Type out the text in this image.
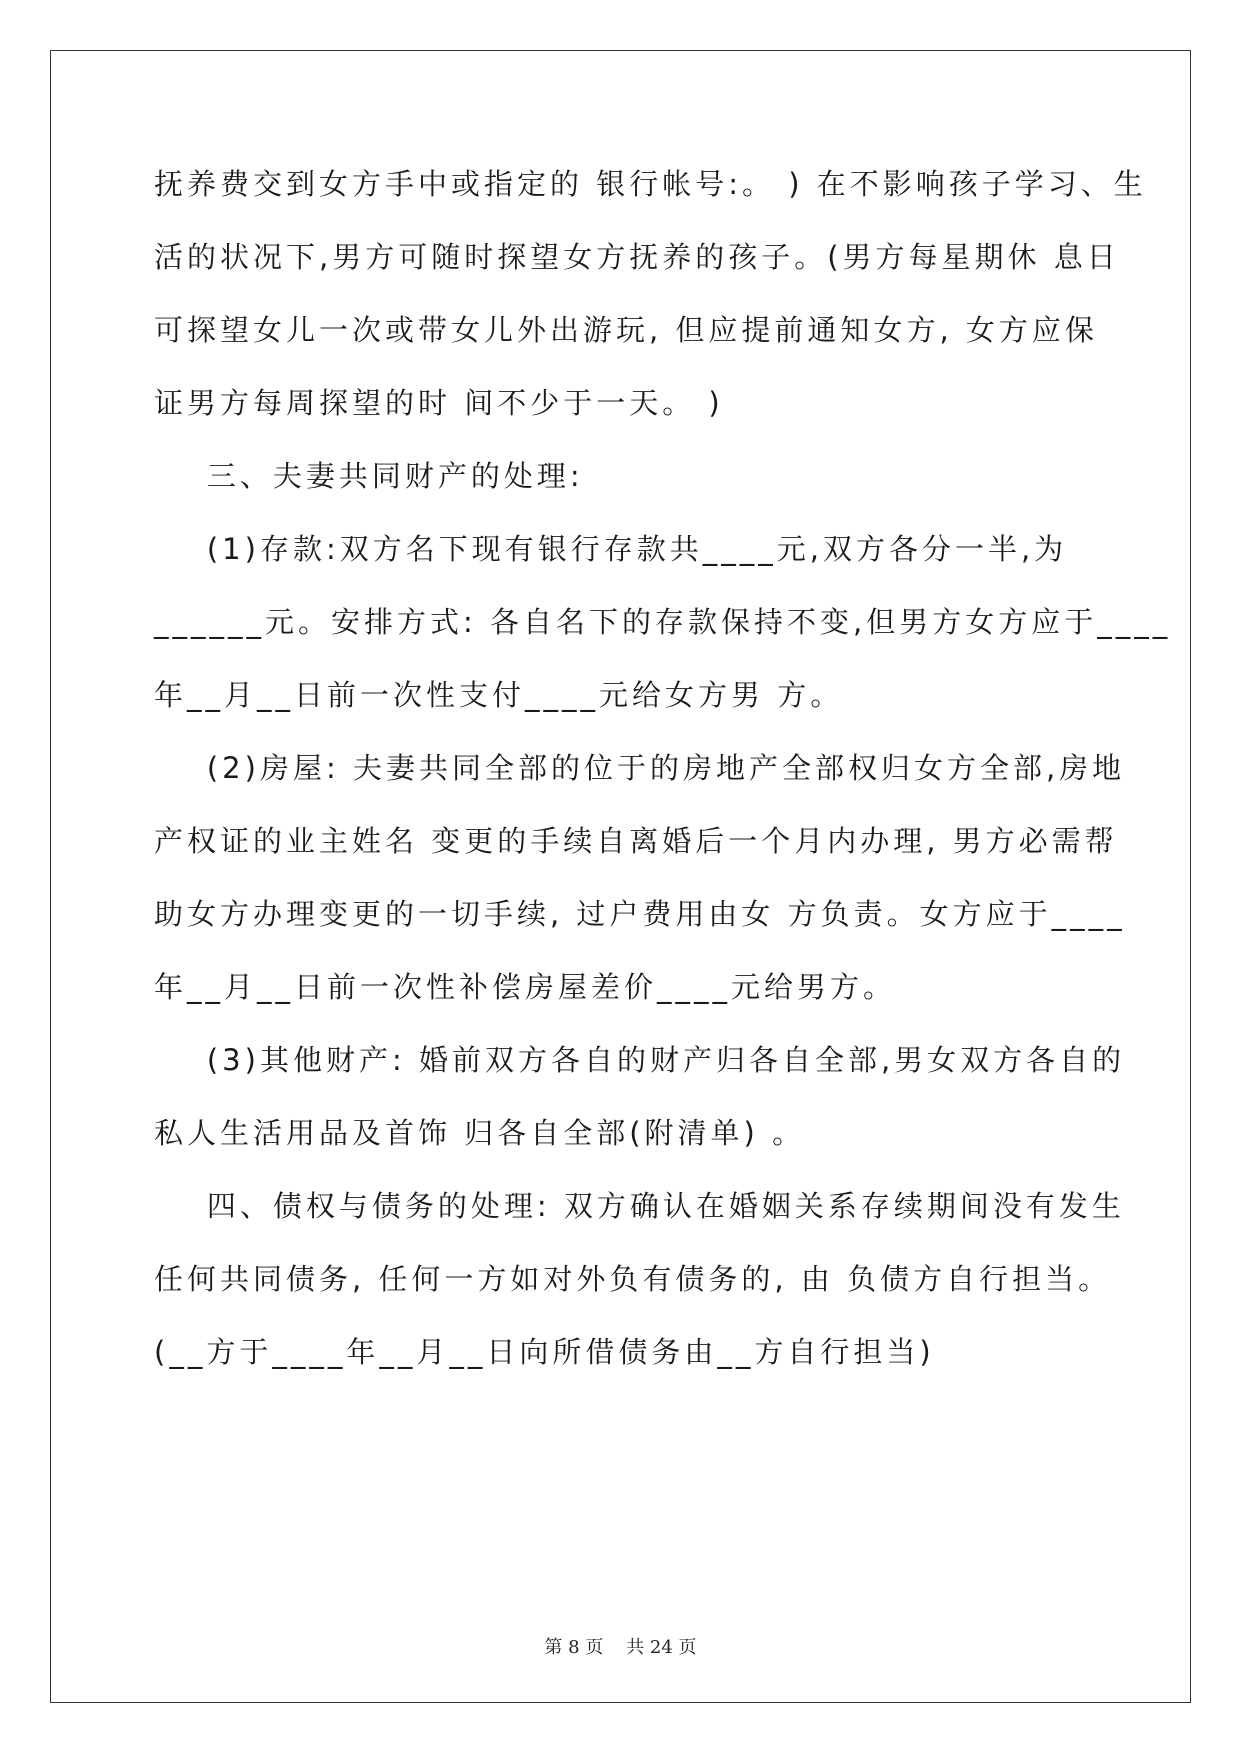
抚养费交到女方手中或指定的 银行帐号:。 ) 在不影响孩子学习、生
活的状况下,男方可随时探望女方抚养的孩子。(男方每星期休 息日
可探望女儿一次或带女儿外出游玩, 但应提前通知女方, 女方应保
证男方每周探望的时 间不少于一天。 )
三、夫妻共同财产的处理:
(1)存款:双方名下现有银行存款共____元,双方各分一半,为
______元。安排方式: 各自名下的存款保持不变,但男方女方应于____
年__月__日前一次性支付____元给女方男 方。
(2)房屋: 夫妻共同全部的位于的房地产全部权归女方全部,房地
产权证的业主姓名 变更的手续自离婚后一个月内办理, 男方必需帮
助女方办理变更的一切手续, 过户费用由女 方负责。女方应于____
年__月__日前一次性补偿房屋差价____元给男方。
(3)其他财产: 婚前双方各自的财产归各自全部,男女双方各自的
私人生活用品及首饰 归各自全部(附清单) 。
四、债权与债务的处理: 双方确认在婚姻关系存续期间没有发生
任何共同债务, 任何一方如对外负有债务的, 由 负债方自行担当。
(__方于____年__月__日向所借债务由__方自行担当)
第 8 页    共 24 页
